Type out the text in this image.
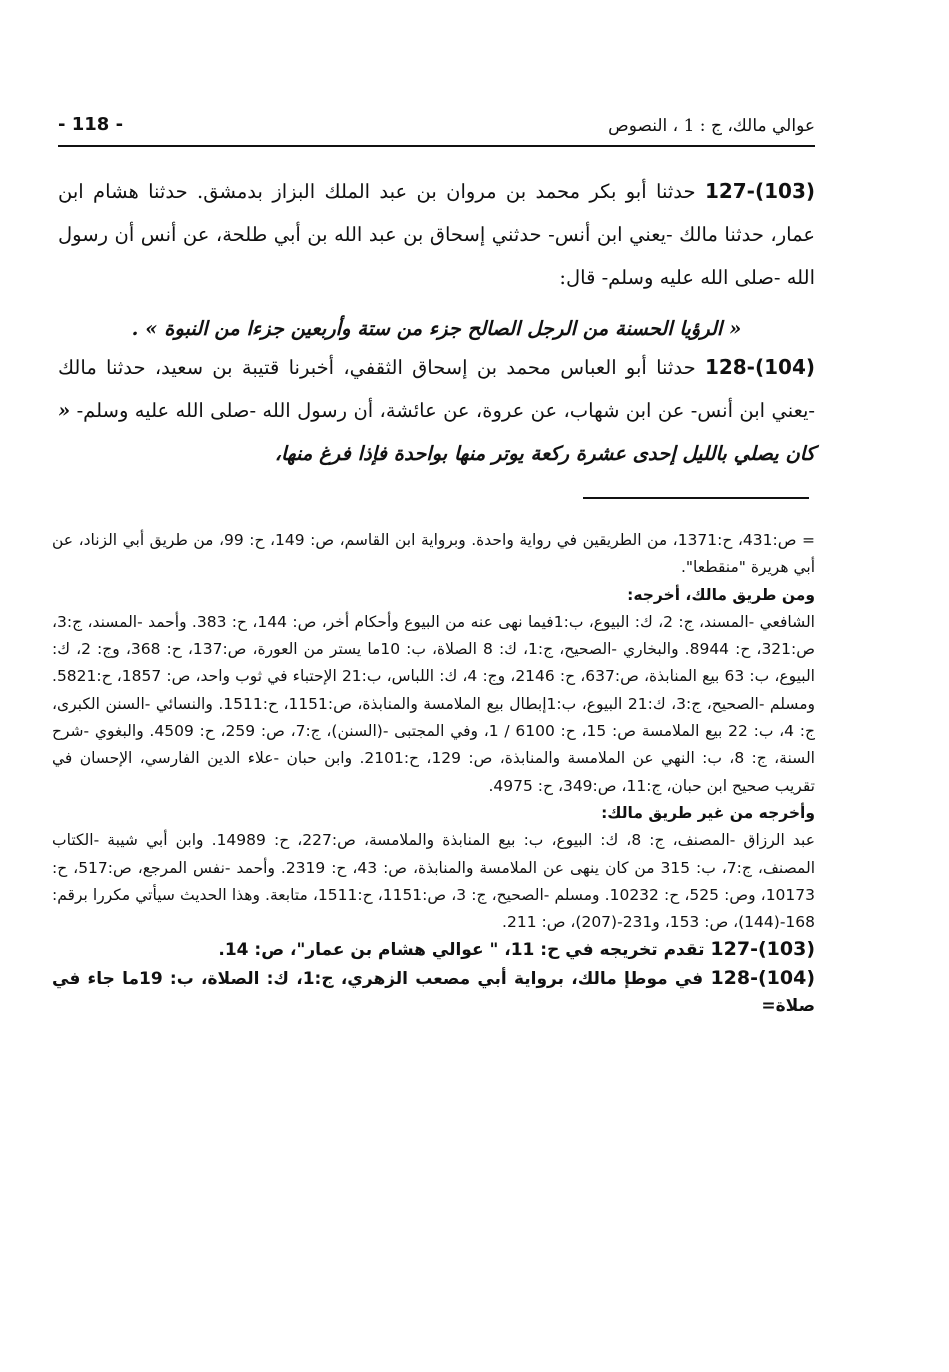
عوالي مالك، ج : 1 ، النصوص
- 118 -
127-(103) حدثنا أبو بكر محمد بن مروان بن عبد الملك البزاز بدمشق. حدثنا هشام ابن عمار، حدثنا مالك -يعني ابن أنس- حدثني إسحاق بن عبد الله بن أبي طلحة، عن أنس أن رسول الله -صلى الله عليه وسلم- قال:
« الرؤيا الحسنة من الرجل الصالح جزء من ستة وأربعين جزءا من النبوة » .
128-(104) حدثنا أبو العباس محمد بن إسحاق الثقفي، أخبرنا قتيبة بن سعيد، حدثنا مالك -يعني ابن أنس- عن ابن شهاب، عن عروة، عن عائشة، أن رسول الله -صلى الله عليه وسلم- « كان يصلي بالليل إحدى عشرة ركعة يوتر منها بواحدة فإذا فرغ منها،

= ص:431، ح:1371، من الطريقين في رواية واحدة. وبرواية ابن القاسم، ص: 149، ح: 99، من طريق أبي الزناد، عن أبي هريرة "منقطعا".

ومن طريق مالك، أخرجه:

الشافعي -المسند، ج: 2، ك: البيوع، ب:1فيما نهى عنه من البيوع وأحكام أخر، ص: 144، ح: 383. وأحمد -المسند، ج:3، ص:321، ح: 8944. والبخاري -الصحيح، ج:1، ك: 8 الصلاة، ب: 10ما يستر من العورة، ص:137، ح: 368، وج: 2، ك: البيوع، ب: 63 بيع المنابذة، ص:637، ح: 2146، وج: 4، ك: اللباس، ب:21 الإحتباء في ثوب واحد، ص: 1857، ح:5821. ومسلم -الصحيح، ج:3، ك:21 البيوع، ب:1إبطال بيع الملامسة والمنابذة، ص:1151، ح:1511. والنسائي -السنن الكبرى، ج: 4، ب: 22 بيع الملامسة ص: 15، ح: 6100 / 1، وفي المجتبى -(السنن)، ج:7، ص: 259، ح: 4509. والبغوي -شرح السنة، ج: 8، ب: النهي عن الملامسة والمنابذة، ص: 129، ح:2101. وابن حبان -علاء الدين الفارسي، الإحسان في تقريب صحيح ابن حبان، ج:11، ص:349، ح: 4975.

وأخرجه من غير طريق مالك:

عبد الرزاق -المصنف، ج: 8، ك: البيوع، ب: بيع المنابذة والملامسة، ص:227، ح: 14989. وابن أبي شيبة -الكتاب المصنف، ج:7، ب: 315 من كان ينهى عن الملامسة والمنابذة، ص: 43، ح: 2319. وأحمد -نفس المرجع، ص:517، ح: 10173، وص: 525، ح: 10232. ومسلم -الصحيح، ج: 3، ص:1151، ح:1511، متابعة. وهذا الحديث سيأتي مكررا برقم: 168-(144)، ص: 153، و231-(207)، ص: 211.

127-(103) تقدم تخريجه في ح: 11، " عوالي هشام بن عمار"، ص: 14.

128-(104) في موطإ مالك، برواية أبي مصعب الزهري، ج:1، ك: الصلاة، ب: 19ما جاء في صلاة=
